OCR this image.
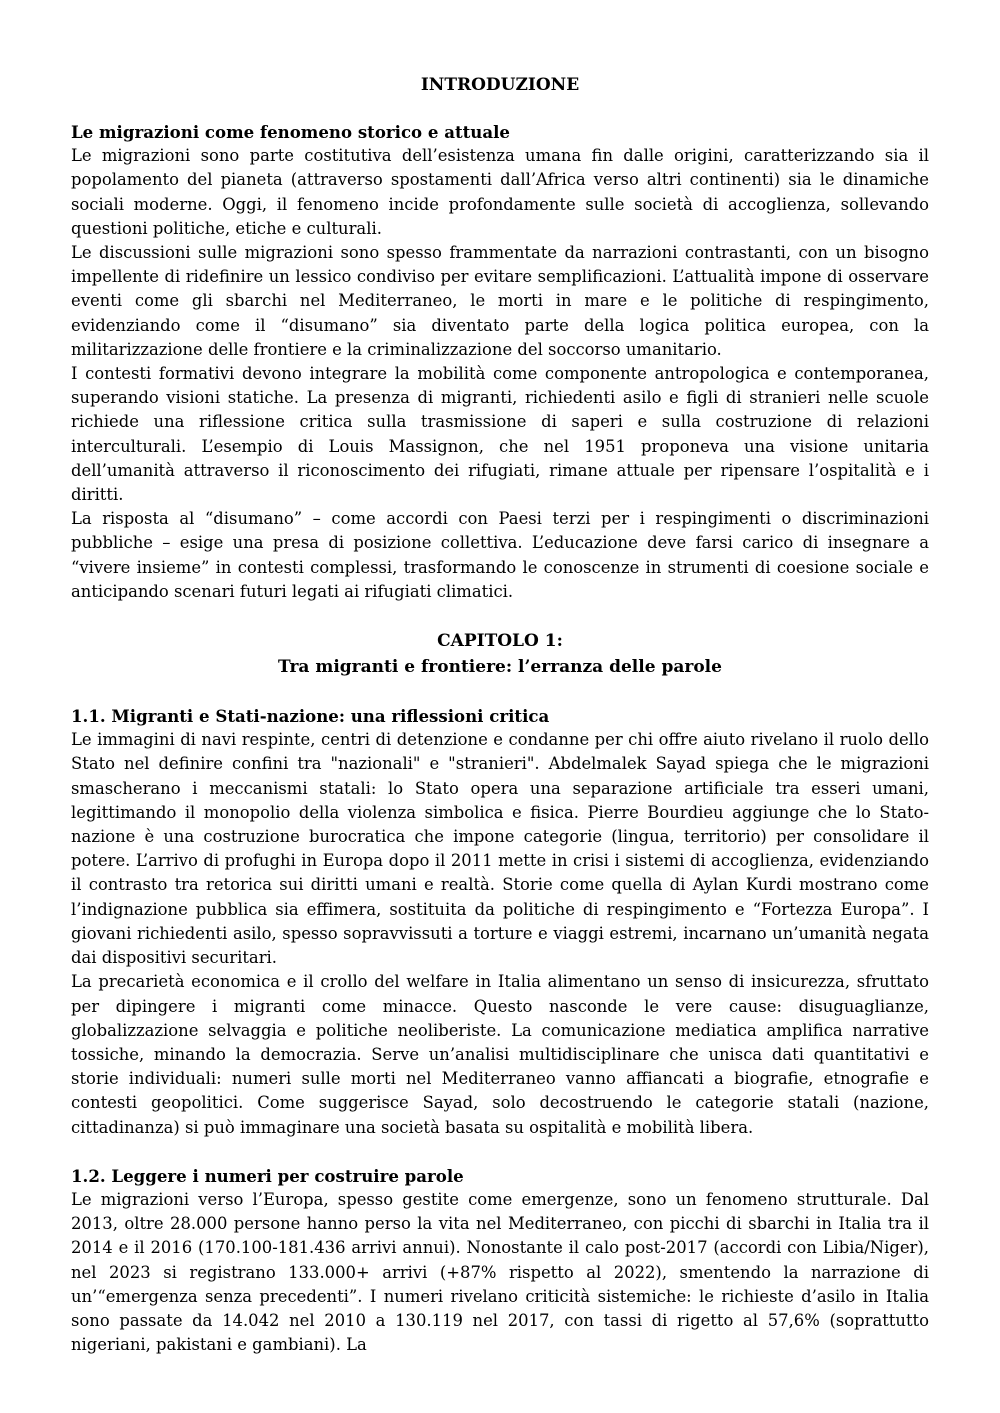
INTRODUZIONE
Le migrazioni come fenomeno storico e attuale

Le migrazioni sono parte costitutiva dell’esistenza umana fin dalle origini, caratterizzando sia il popolamento del pianeta (attraverso spostamenti dall’Africa verso altri continenti) sia le dinamiche sociali moderne. Oggi, il fenomeno incide profondamente sulle società di accoglienza, sollevando questioni politiche, etiche e culturali.

Le discussioni sulle migrazioni sono spesso frammentate da narrazioni contrastanti, con un bisogno impellente di ridefinire un lessico condiviso per evitare semplificazioni. L’attualità impone di osservare eventi come gli sbarchi nel Mediterraneo, le morti in mare e le politiche di respingimento, evidenziando come il “disumano” sia diventato parte della logica politica europea, con la militarizzazione delle frontiere e la criminalizzazione del soccorso umanitario.

I contesti formativi devono integrare la mobilità come componente antropologica e contemporanea, superando visioni statiche. La presenza di migranti, richiedenti asilo e figli di stranieri nelle scuole richiede una riflessione critica sulla trasmissione di saperi e sulla costruzione di relazioni interculturali. L’esempio di Louis Massignon, che nel 1951 proponeva una visione unitaria dell’umanità attraverso il riconoscimento dei rifugiati, rimane attuale per ripensare l’ospitalità e i diritti.

La risposta al “disumano” – come accordi con Paesi terzi per i respingimenti o discriminazioni pubbliche – esige una presa di posizione collettiva. L’educazione deve farsi carico di insegnare a “vivere insieme” in contesti complessi, trasformando le conoscenze in strumenti di coesione sociale e anticipando scenari futuri legati ai rifugiati climatici.

CAPITOLO 1:
Tra migranti e frontiere: l’erranza delle parole
1.1. Migranti e Stati-nazione: una riflessioni critica

Le immagini di navi respinte, centri di detenzione e condanne per chi offre aiuto rivelano il ruolo dello Stato nel definire confini tra "nazionali" e "stranieri". Abdelmalek Sayad spiega che le migrazioni smascherano i meccanismi statali: lo Stato opera una separazione artificiale tra esseri umani, legittimando il monopolio della violenza simbolica e fisica. Pierre Bourdieu aggiunge che lo Stato-nazione è una costruzione burocratica che impone categorie (lingua, territorio) per consolidare il potere. L’arrivo di profughi in Europa dopo il 2011 mette in crisi i sistemi di accoglienza, evidenziando il contrasto tra retorica sui diritti umani e realtà. Storie come quella di Aylan Kurdi mostrano come l’indignazione pubblica sia effimera, sostituita da politiche di respingimento e “Fortezza Europa”. I giovani richiedenti asilo, spesso sopravvissuti a torture e viaggi estremi, incarnano un’umanità negata dai dispositivi securitari.

La precarietà economica e il crollo del welfare in Italia alimentano un senso di insicurezza, sfruttato per dipingere i migranti come minacce. Questo nasconde le vere cause: disuguaglianze, globalizzazione selvaggia e politiche neoliberiste. La comunicazione mediatica amplifica narrative tossiche, minando la democrazia. Serve un’analisi multidisciplinare che unisca dati quantitativi e storie individuali: numeri sulle morti nel Mediterraneo vanno affiancati a biografie, etnografie e contesti geopolitici. Come suggerisce Sayad, solo decostruendo le categorie statali (nazione, cittadinanza) si può immaginare una società basata su ospitalità e mobilità libera.

1.2. Leggere i numeri per costruire parole

Le migrazioni verso l’Europa, spesso gestite come emergenze, sono un fenomeno strutturale. Dal 2013, oltre 28.000 persone hanno perso la vita nel Mediterraneo, con picchi di sbarchi in Italia tra il 2014 e il 2016 (170.100-181.436 arrivi annui). Nonostante il calo post-2017 (accordi con Libia/Niger), nel 2023 si registrano 133.000+ arrivi (+87% rispetto al 2022), smentendo la narrazione di un’“emergenza senza precedenti”. I numeri rivelano criticità sistemiche: le richieste d’asilo in Italia sono passate da 14.042 nel 2010 a 130.119 nel 2017, con tassi di rigetto al 57,6% (soprattutto nigeriani, pakistani e gambiani). La
